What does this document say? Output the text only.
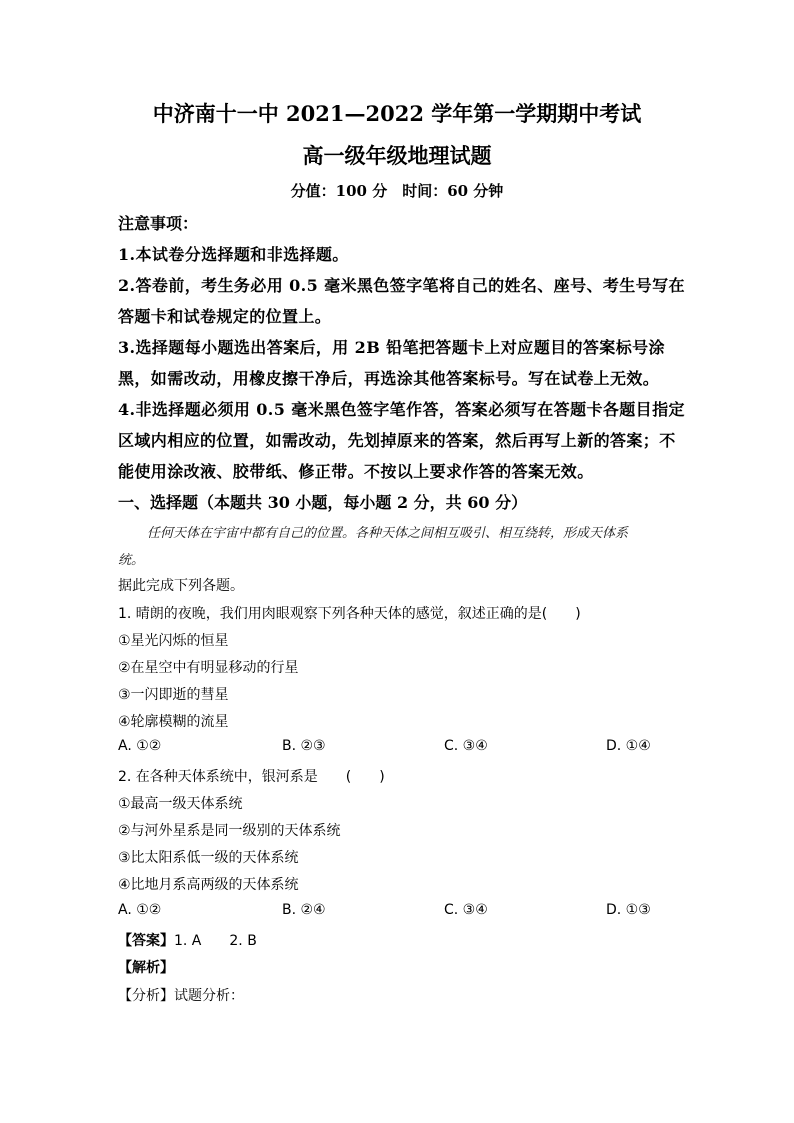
中济南十一中 2021—2022 学年第一学期期中考试
高一级年级地理试题
分值：100 分　时间：60 分钟
注意事项：
1.本试卷分选择题和非选择题。
2.答卷前，考生务必用 0.5 毫米黑色签字笔将自己的姓名、座号、考生号写在
答题卡和试卷规定的位置上。
3.选择题每小题选出答案后，用 2B 铅笔把答题卡上对应题目的答案标号涂
黑，如需改动，用橡皮擦干净后，再选涂其他答案标号。写在试卷上无效。
4.非选择题必须用 0.5 毫米黑色签字笔作答，答案必须写在答题卡各题目指定
区域内相应的位置，如需改动，先划掉原来的答案，然后再写上新的答案；不
能使用涂改液、胶带纸、修正带。不按以上要求作答的答案无效。
一、选择题（本题共 30 小题，每小题 2 分，共 60 分）
任何天体在宇宙中都有自己的位置。各种天体之间相互吸引、相互绕转，形成天体系
统。
据此完成下列各题。
1. 晴朗的夜晚，我们用肉眼观察下列各种天体的感觉，叙述正确的是(　　)
①星光闪烁的恒星
②在星空中有明显移动的行星
③一闪即逝的彗星
④轮廓模糊的流星
A. ①②	B. ②③	C. ③④	D. ①④
2. 在各种天体系统中，银河系是　　(　　)
①最高一级天体系统
②与河外星系是同一级别的天体系统
③比太阳系低一级的天体系统
④比地月系高两级的天体系统
A. ①②	B. ②④	C. ③④	D. ①③
【答案】1. A　　2. B
【解析】
【分析】试题分析：
